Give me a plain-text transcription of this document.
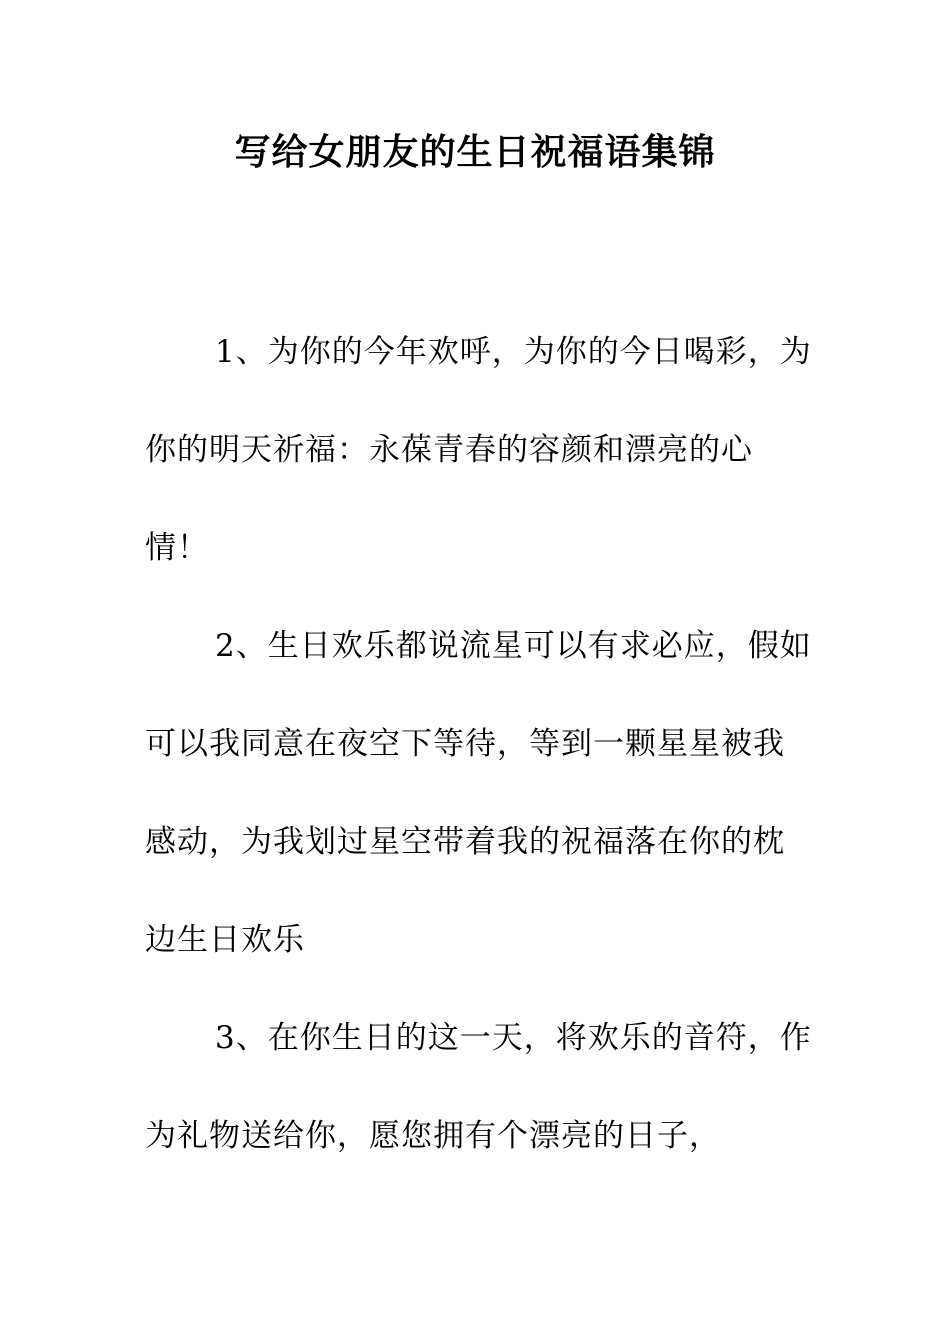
写给女朋友的生日祝福语集锦

1、为你的今年欢呼，为你的今日喝彩，为你的明天祈福：永葆青春的容颜和漂亮的心情！

2、生日欢乐都说流星可以有求必应，假如可以我同意在夜空下等待，等到一颗星星被我感动，为我划过星空带着我的祝福落在你的枕边生日欢乐

3、在你生日的这一天，将欢乐的音符，作为礼物送给你，愿您拥有个漂亮的日子，
